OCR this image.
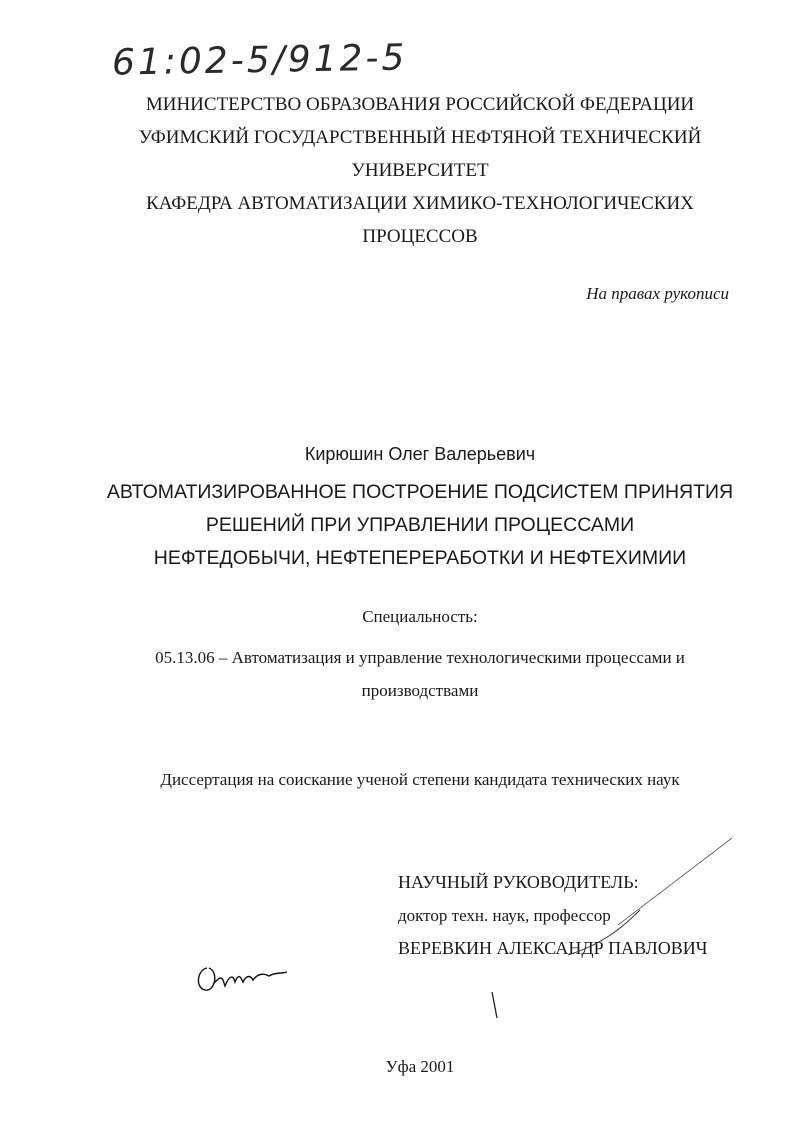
61:02-5/912-5
МИНИСТЕРСТВО ОБРАЗОВАНИЯ РОССИЙСКОЙ ФЕДЕРАЦИИ
УФИМСКИЙ ГОСУДАРСТВЕННЫЙ НЕФТЯНОЙ ТЕХНИЧЕСКИЙ
УНИВЕРСИТЕТ
КАФЕДРА АВТОМАТИЗАЦИИ ХИМИКО-ТЕХНОЛОГИЧЕСКИХ
ПРОЦЕССОВ
На правах рукописи
Кирюшин Олег Валерьевич
АВТОМАТИЗИРОВАННОЕ ПОСТРОЕНИЕ ПОДСИСТЕМ ПРИНЯТИЯ
РЕШЕНИЙ ПРИ УПРАВЛЕНИИ ПРОЦЕССАМИ
НЕФТЕДОБЫЧИ, НЕФТЕПЕРЕРАБОТКИ И НЕФТЕХИМИИ
Специальность:
05.13.06 – Автоматизация и управление технологическими процессами и
производствами
Диссертация на соискание ученой степени кандидата технических наук
НАУЧНЫЙ РУКОВОДИТЕЛЬ:
доктор техн. наук, профессор
ВЕРЕВКИН АЛЕКСАНДР ПАВЛОВИЧ
Уфа 2001
